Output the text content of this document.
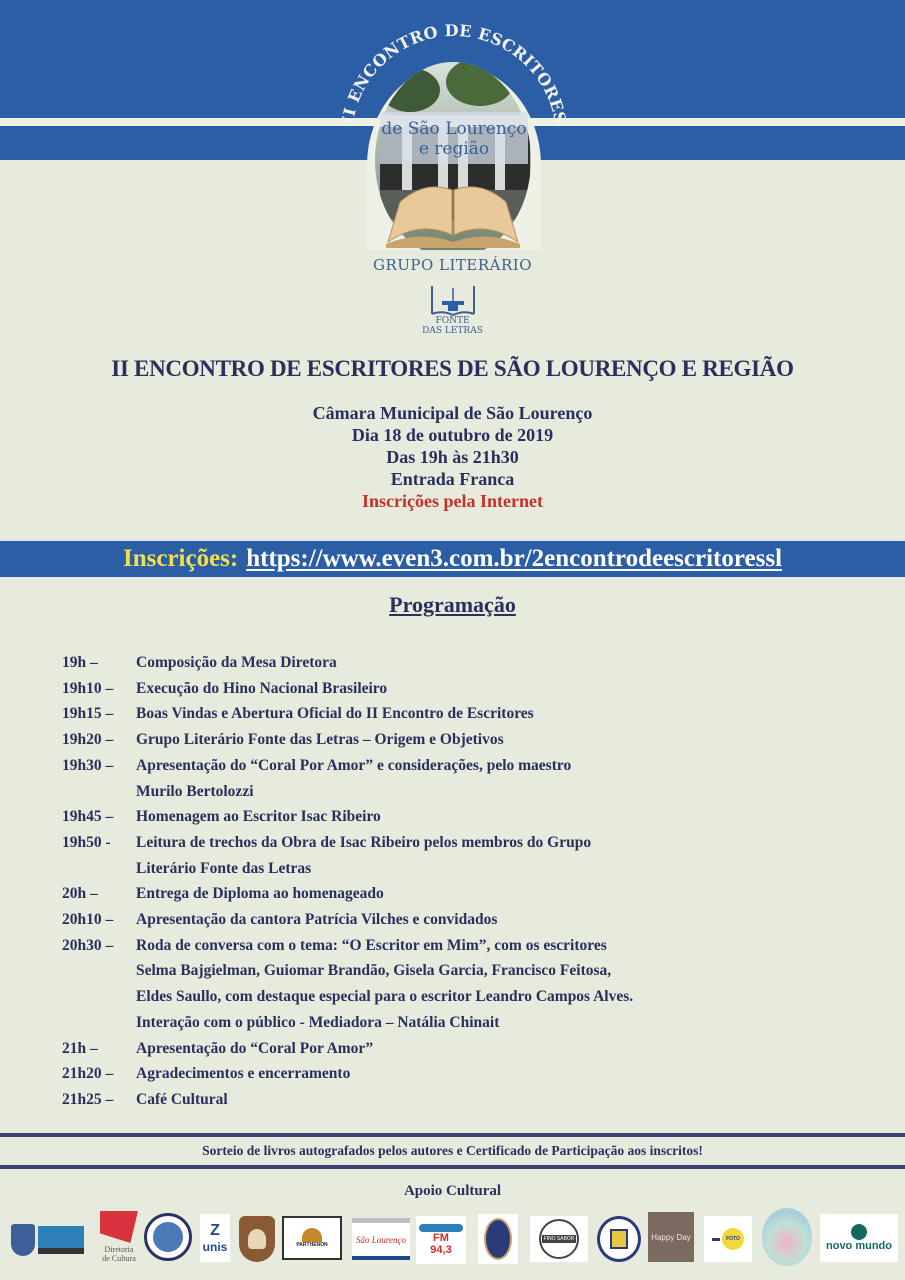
de São Lourenço
e região
II ENCONTRO DE ESCRITORES
GRUPO LITERÁRIO
FONTE
DAS LETRAS
II ENCONTRO DE ESCRITORES DE SÃO LOURENÇO E REGIÃO
Câmara Municipal de São Lourenço
Dia 18 de outubro de 2019
Das 19h às 21h30
Entrada Franca
Inscrições pela Internet
Inscrições: https://www.even3.com.br/2encontrodeescritoressl
Programação
19h –	Composição da Mesa Diretora
19h10 –	Execução do Hino Nacional Brasileiro
19h15 –	Boas Vindas e Abertura Oficial do II Encontro de Escritores
19h20 –	Grupo Literário Fonte das Letras – Origem e Objetivos
19h30 –	Apresentação do “Coral Por Amor” e considerações, pelo maestro
Murilo Bertolozzi
19h45 –	Homenagem ao Escritor Isac Ribeiro
19h50 -	Leitura de trechos da Obra de Isac Ribeiro pelos membros do Grupo
Literário Fonte das Letras
20h –	Entrega de Diploma ao homenageado
20h10 –	Apresentação da cantora Patrícia Vilches e convidados
20h30 –	Roda de conversa com o tema: “O Escritor em Mim”, com os escritores
Selma Bajgielman, Guiomar Brandão, Gisela Garcia, Francisco Feitosa,
Eldes Saullo, com destaque especial para o escritor Leandro Campos Alves.
Interação com o público - Mediadora – Natália Chinait
21h –	Apresentação do “Coral Por Amor”
21h20 –	Agradecimentos e encerramento
21h25 –	Café Cultural
Sorteio de livros autografados pelos autores e Certificado de Participação aos inscritos!
Apoio Cultural
Diretoria
de Cultura
Z
unis	PARTHENON
São Lourenço FM
94,3
FINO SABOR	Happy Day	FOTO
novo mundo
